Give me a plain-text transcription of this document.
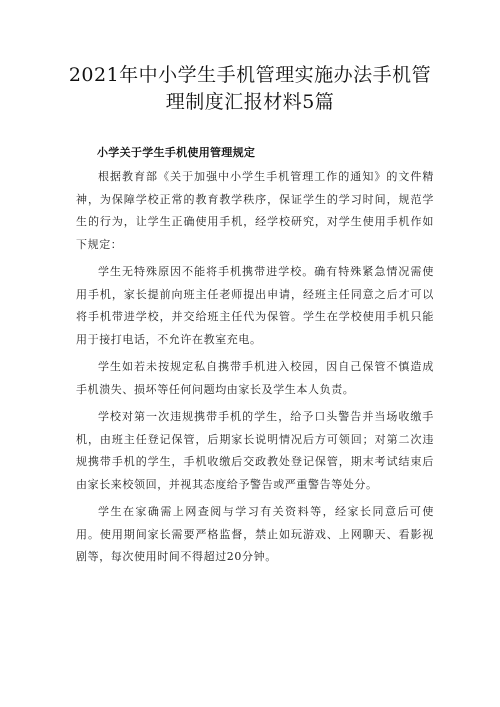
2021年中小学生手机管理实施办法手机管理制度汇报材料5篇
小学关于学生手机使用管理规定

根据教育部《关于加强中小学生手机管理工作的通知》的文件精神，为保障学校正常的教育教学秩序，保证学生的学习时间，规范学生的行为，让学生正确使用手机，经学校研究，对学生使用手机作如下规定：

学生无特殊原因不能将手机携带进学校。确有特殊紧急情况需使用手机，家长提前向班主任老师提出申请，经班主任同意之后才可以将手机带进学校，并交给班主任代为保管。学生在学校使用手机只能用于接打电话，不允许在教室充电。

学生如若未按规定私自携带手机进入校园，因自己保管不慎造成手机溃失、损坏等任何问题均由家长及学生本人负责。

学校对第一次违规携带手机的学生，给予口头警告并当场收缴手机，由班主任登记保管，后期家长说明情况后方可领回；对第二次违规携带手机的学生，手机收缴后交政教处登记保管，期末考试结束后由家长来校领回，并视其态度给予警告或严重警告等处分。

学生在家确需上网查阅与学习有关资料等，经家长同意后可使用。使用期间家长需要严格监督，禁止如玩游戏、上网聊天、看影视剧等，每次使用时间不得超过20分钟。
